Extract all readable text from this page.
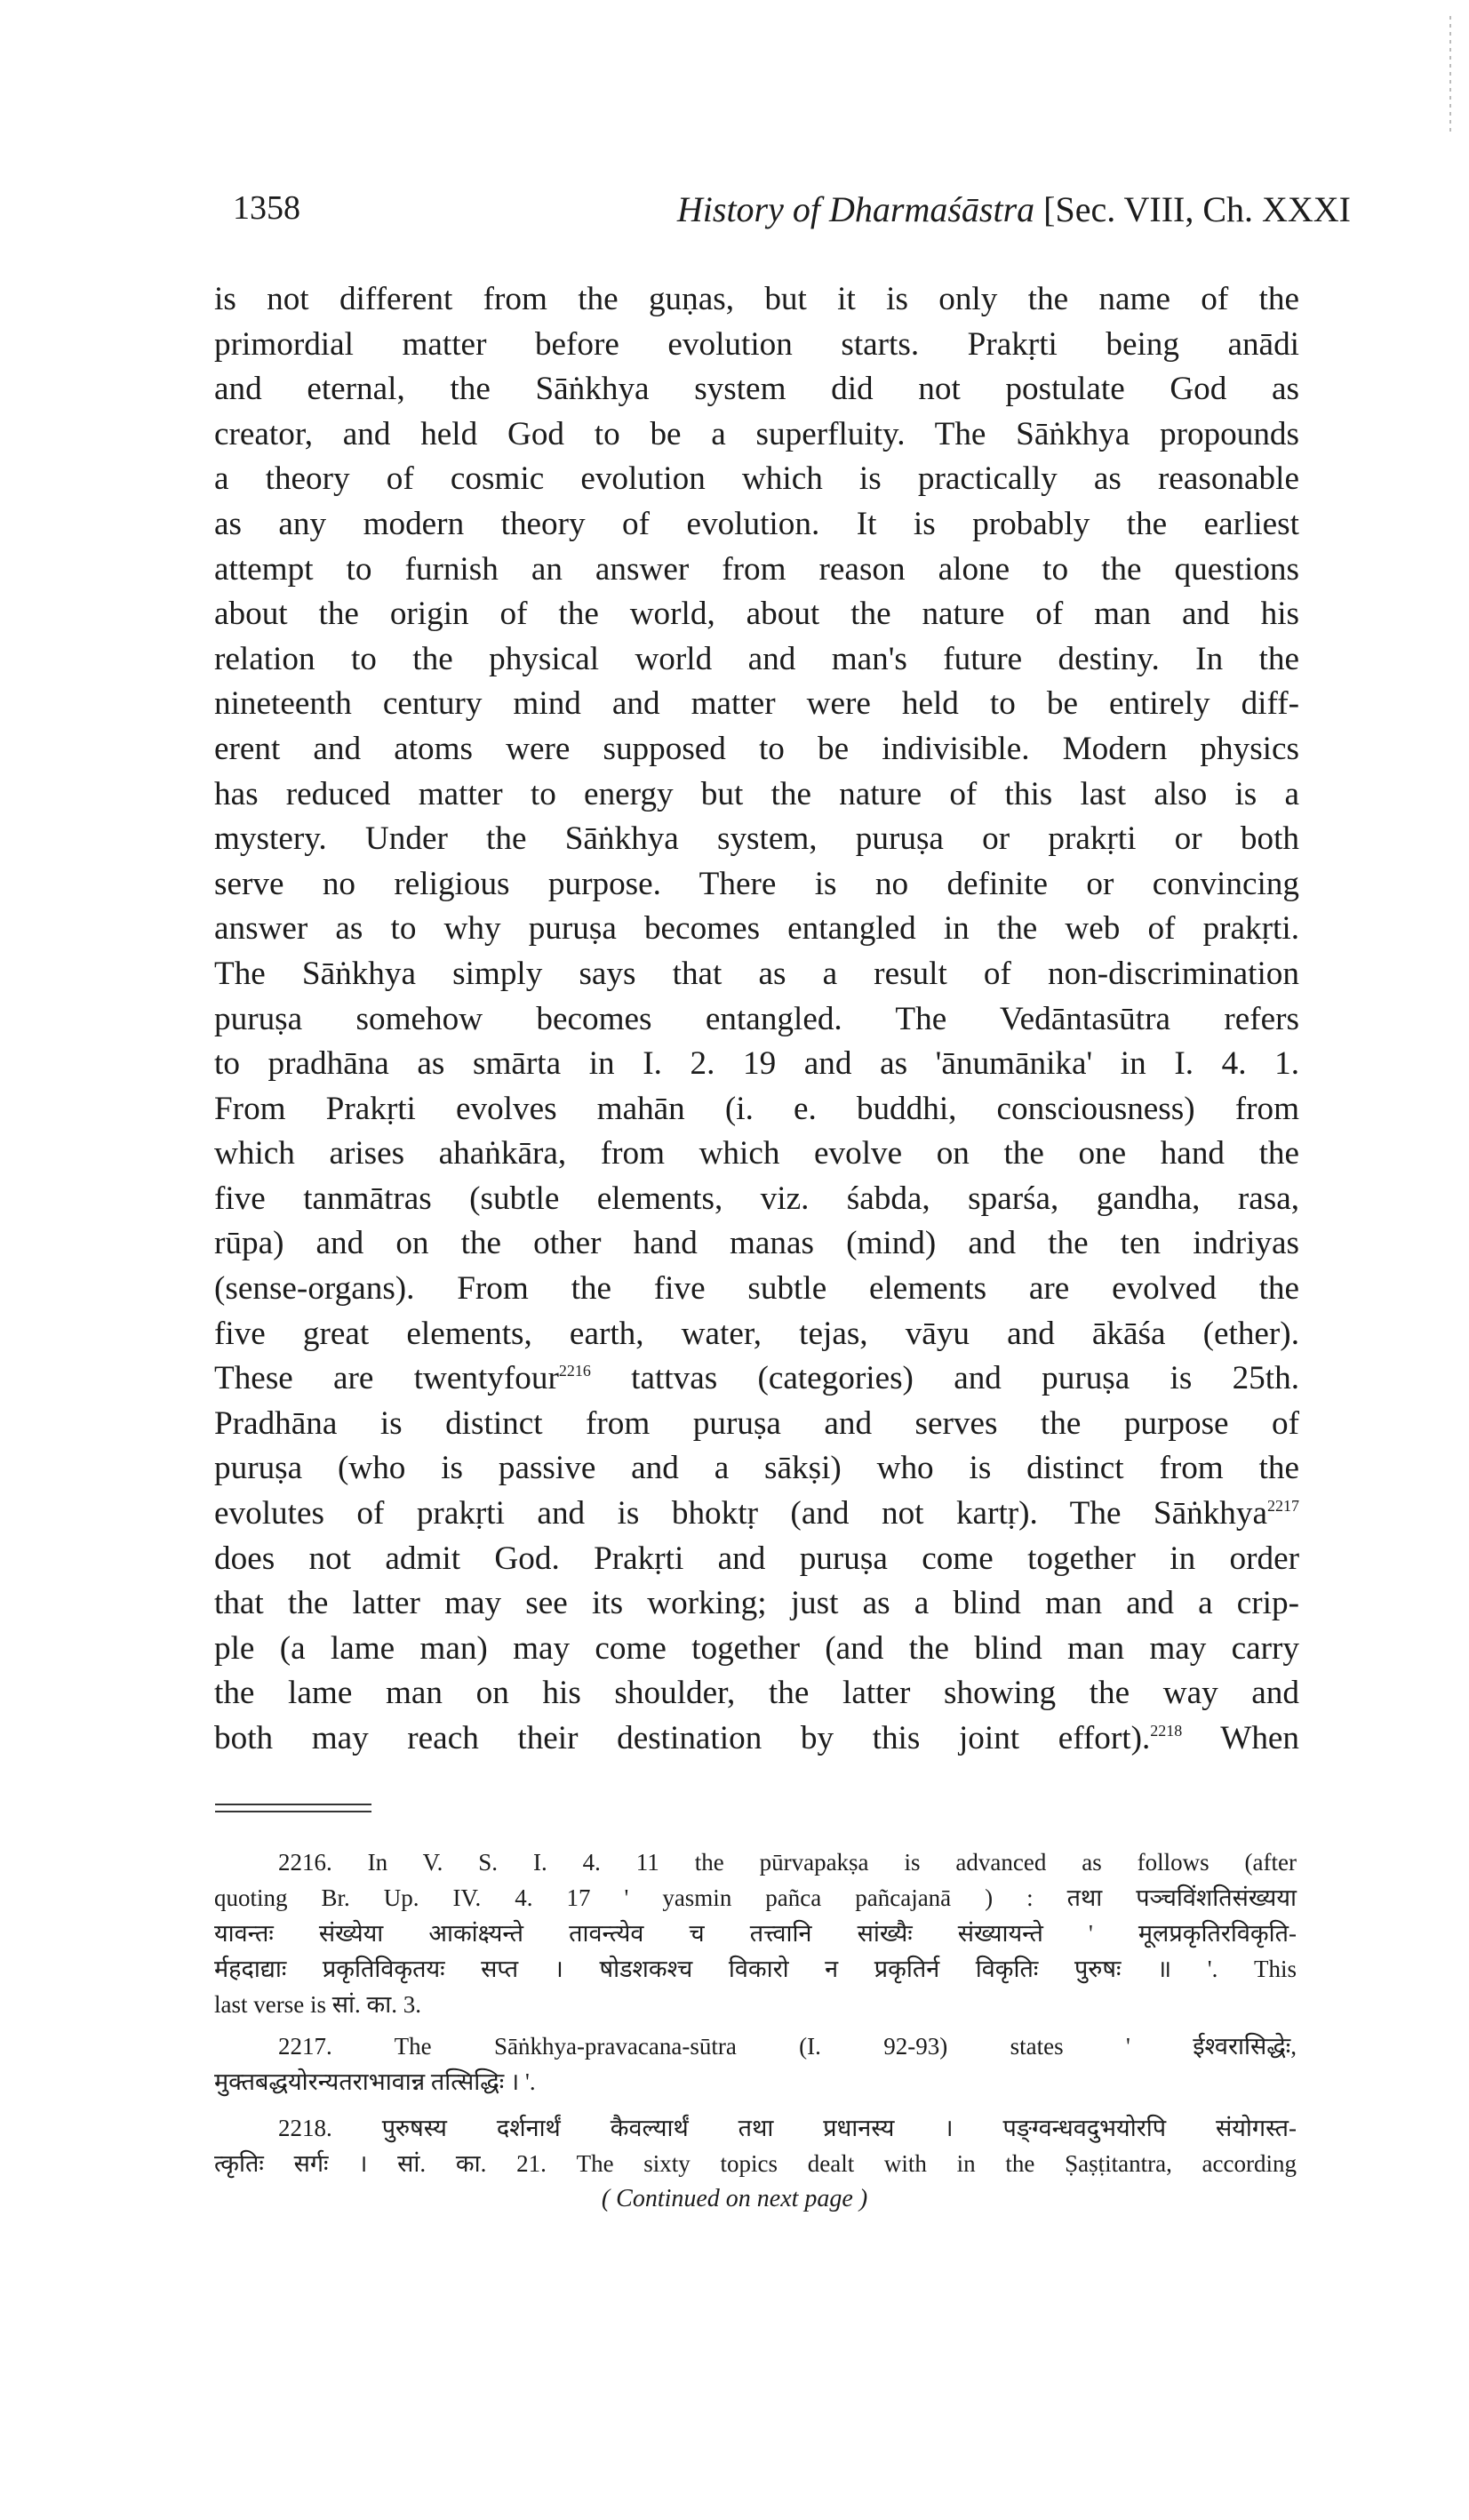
1358	History of Dharmaśāstra [Sec. VIII, Ch. XXXI
is not different from the guṇas, but it is only the name of the
primordial matter before evolution starts. Prakṛti being anādi
and eternal, the Sāṅkhya system did not postulate God as
creator, and held God to be a superfluity. The Sāṅkhya propounds
a theory of cosmic evolution which is practically as reasonable
as any modern theory of evolution. It is probably the earliest
attempt to furnish an answer from reason alone to the questions
about the origin of the world, about the nature of man and his
relation to the physical world and man's future destiny. In the
nineteenth century mind and matter were held to be entirely diff-
erent and atoms were supposed to be indivisible. Modern physics
has reduced matter to energy but the nature of this last also is a
mystery. Under the Sāṅkhya system, puruṣa or prakṛti or both
serve no religious purpose. There is no definite or convincing
answer as to why puruṣa becomes entangled in the web of prakṛti.
The Sāṅkhya simply says that as a result of non-discrimination
puruṣa somehow becomes entangled. The Vedāntasūtra refers
to pradhāna as smārta in I. 2. 19 and as 'ānumānika' in I. 4. 1.
From Prakṛti evolves mahān (i. e. buddhi, consciousness) from
which arises ahaṅkāra, from which evolve on the one hand the
five tanmātras (subtle elements, viz. śabda, sparśa, gandha, rasa,
rūpa) and on the other hand manas (mind) and the ten indriyas
(sense-organs). From the five subtle elements are evolved the
five great elements, earth, water, tejas, vāyu and ākāśa (ether).
These are twentyfour$^{2216}$ tattvas (categories) and puruṣa is 25th.
Pradhāna is distinct from puruṣa and serves the purpose of
puruṣa (who is passive and a sākṣi) who is distinct from the
evolutes of prakṛti and is bhoktṛ (and not kartṛ). The Sāṅkhya$^{2217}$
does not admit God. Prakṛti and puruṣa come together in order
that the latter may see its working; just as a blind man and a crip-
ple (a lame man) may come together (and the blind man may carry
the lame man on his shoulder, the latter showing the way and
both may reach their destination by this joint effort).$^{2218}$ When
2216. In V. S. I. 4. 11 the pūrvapakṣa is advanced as follows (after
quoting Br. Up. IV. 4. 17 ' yasmin pañca pañcajanā ) : तथा पञ्चविंशतिसंख्यया
यावन्तः संख्येया आकांक्ष्यन्ते तावन्त्येव च तत्त्वानि सांख्यैः संख्यायन्ते ' मूलप्रकृतिरविकृति-
र्महदाद्याः प्रकृतिविकृतयः सप्त । षोडशकश्च विकारो न प्रकृतिर्न विकृतिः पुरुषः ॥ '. This
last verse is सां. का. 3.
2217. The Sāṅkhya-pravacana-sūtra (I. 92-93) states ' ईश्वरासिद्धेः,
मुक्तबद्धयोरन्यतराभावान्न तत्सिद्धिः । '.
2218. पुरुषस्य दर्शनार्थं कैवल्यार्थं तथा प्रधानस्य । पङ्ग्वन्धवदुभयोरपि संयोगस्त-
त्कृतिः सर्गः । सां. का. 21. The sixty topics dealt with in the Ṣaṣṭitantra, according
( Continued on next page )
